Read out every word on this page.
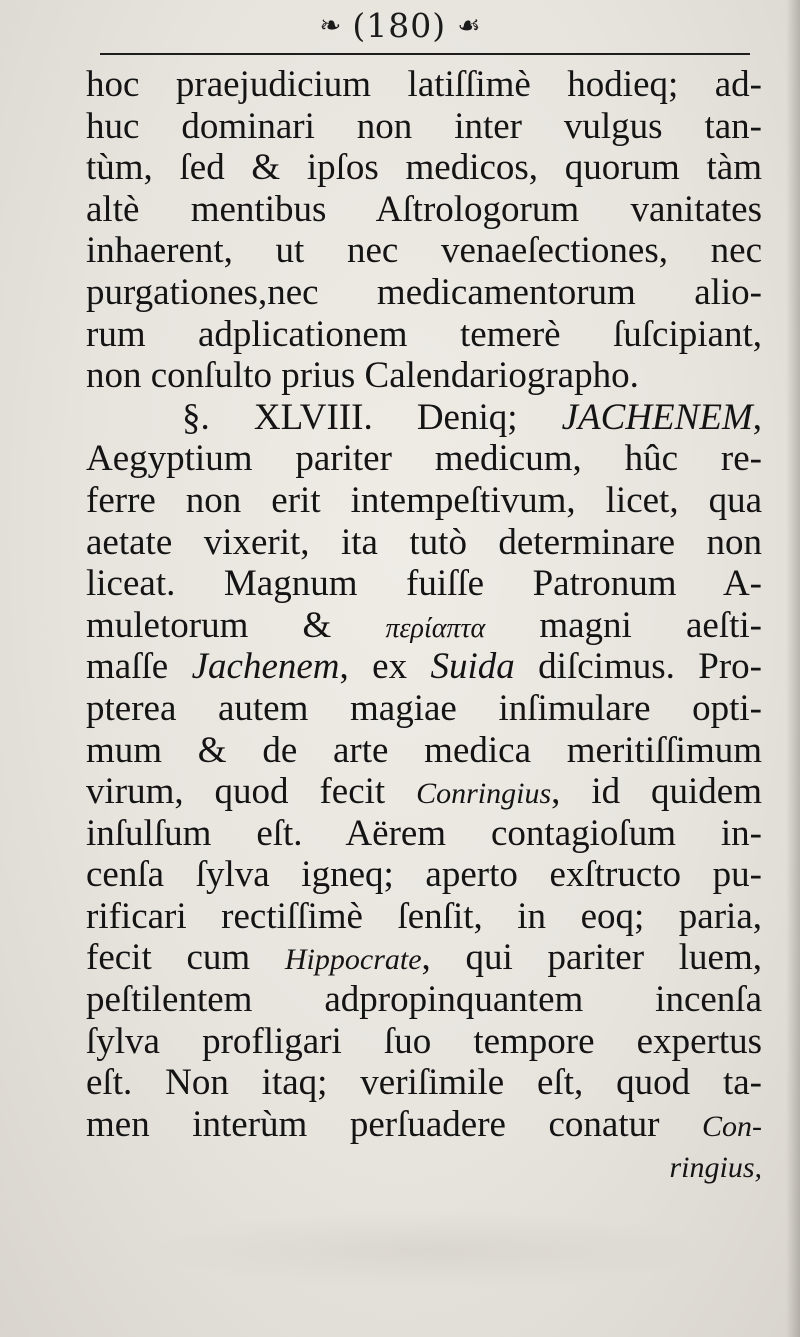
❧ (180) ☙
hoc praejudicium latiſſimè hodieq; ad-
huc dominari non inter vulgus tan-
tùm, ſed & ipſos medicos, quorum tàm
altè mentibus Aſtrologorum vanitates
inhaerent, ut nec venaeſectiones, nec
purgationes,nec medicamentorum alio-
rum adplicationem temerè ſuſcipiant,
non conſulto prius Calendariographo.
§. XLVIII. Deniq; JACHENEM,
Aegyptium pariter medicum, hûc re-
ferre non erit intempeſtivum, licet, qua
aetate vixerit, ita tutò determinare non
liceat. Magnum fuiſſe Patronum A-
muletorum & περίαπτα magni aeſti-
maſſe Jachenem, ex Suida diſcimus. Pro-
pterea autem magiae inſimulare opti-
mum & de arte medica meritiſſimum
virum, quod fecit Conringius, id quidem
inſulſum eſt. Aërem contagioſum in-
cenſa ſylva igneq; aperto exſtructo pu-
rificari rectiſſimè ſenſit, in eoq; paria,
fecit cum Hippocrate, qui pariter luem,
peſtilentem adpropinquantem incenſa
ſylva profligari ſuo tempore expertus
eſt. Non itaq; veriſimile eſt, quod ta-
men interùm perſuadere conatur Con-
ringius,
